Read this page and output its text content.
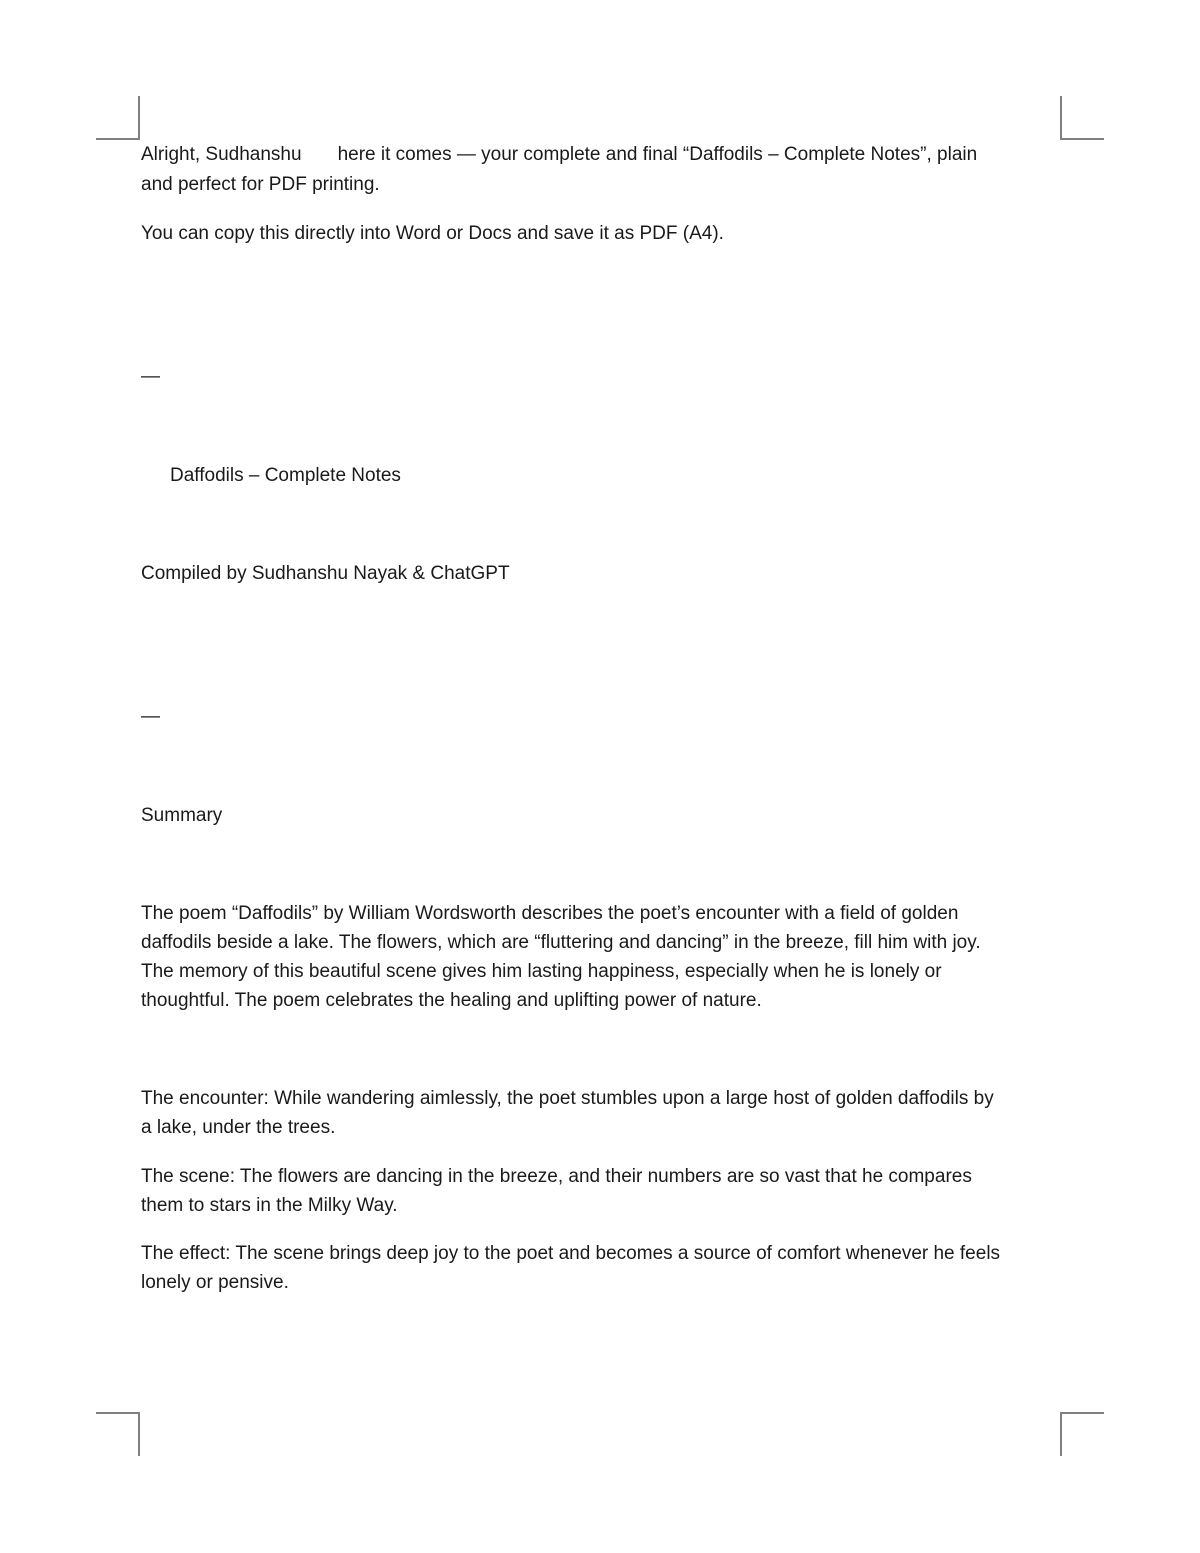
Alright, Sudhanshu here it comes — your complete and final “Daffodils – Complete Notes”, plain

and perfect for PDF printing.

You can copy this directly into Word or Docs and save it as PDF (A4).

—

Daffodils – Complete Notes

Compiled by Sudhanshu Nayak & ChatGPT

—

Summary

The poem “Daffodils” by William Wordsworth describes the poet’s encounter with a field of golden
daffodils beside a lake. The flowers, which are “fluttering and dancing” in the breeze, fill him with joy.
The memory of this beautiful scene gives him lasting happiness, especially when he is lonely or
thoughtful. The poem celebrates the healing and uplifting power of nature.
The encounter: While wandering aimlessly, the poet stumbles upon a large host of golden daffodils by
a lake, under the trees.
The scene: The flowers are dancing in the breeze, and their numbers are so vast that he compares
them to stars in the Milky Way.
The effect: The scene brings deep joy to the poet and becomes a source of comfort whenever he feels
lonely or pensive.
